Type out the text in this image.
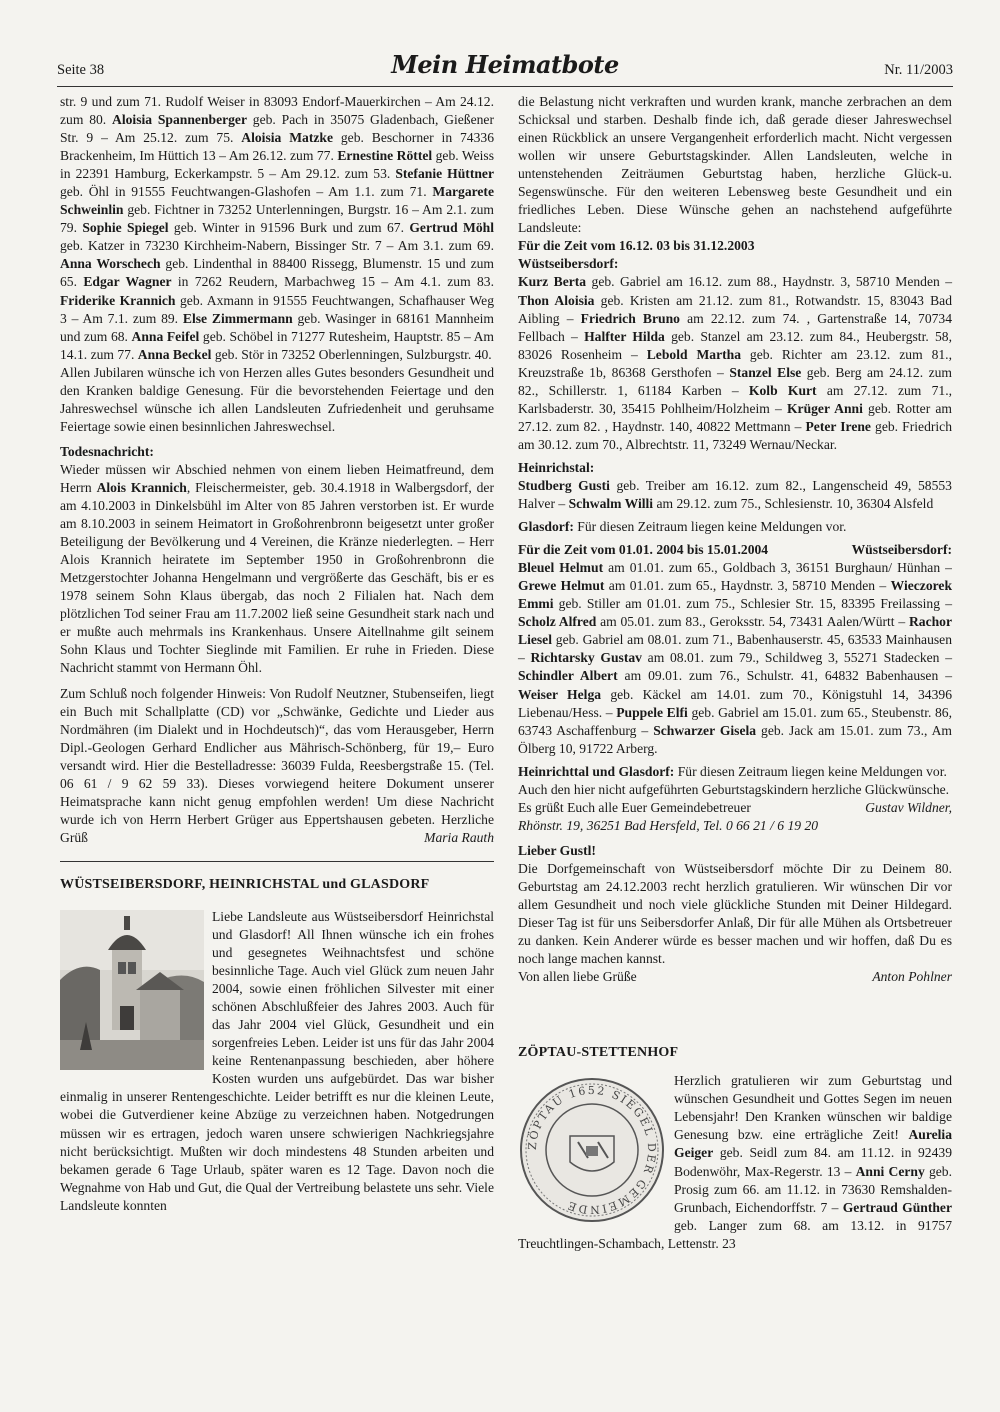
Seite 38	Mein Heimatbote	Nr. 11/2003

str. 9 und zum 71. Rudolf Weiser in 83093 Endorf-Mauerkirchen – Am 24.12. zum 80. Aloisia Spannenberger geb. Pach in 35075 Gladenbach, Gießener Str. 9 – Am 25.12. zum 75. Aloisia Matzke geb. Beschorner in 74336 Brackenheim, Im Hüttich 13 – Am 26.12. zum 77. Ernestine Röttel geb. Weiss in 22391 Hamburg, Eckerkampstr. 5 – Am 29.12. zum 53. Stefanie Hüttner geb. Öhl in 91555 Feuchtwangen-Glashofen – Am 1.1. zum 71. Margarete Schweinlin geb. Fichtner in 73252 Unterlenningen, Burgstr. 16 – Am 2.1. zum 79. Sophie Spiegel geb. Winter in 91596 Burk und zum 67. Gertrud Möhl geb. Katzer in 73230 Kirchheim-Nabern, Bissinger Str. 7 – Am 3.1. zum 69. Anna Worschech geb. Lindenthal in 88400 Rissegg, Blumenstr. 15 und zum 65. Edgar Wagner in 7262 Reudern, Marbachweg 15 – Am 4.1. zum 83. Friderike Krannich geb. Axmann in 91555 Feuchtwangen, Schafhauser Weg 3 – Am 7.1. zum 89. Else Zimmermann geb. Wasinger in 68161 Mannheim und zum 68. Anna Feifel geb. Schöbel in 71277 Rutesheim, Hauptstr. 85 – Am 14.1. zum 77. Anna Beckel geb. Stör in 73252 Oberlenningen, Sulzburgstr. 40.

Allen Jubilaren wünsche ich von Herzen alles Gutes besonders Gesundheit und den Kranken baldige Genesung. Für die bevorstehenden Feiertage und den Jahreswechsel wünsche ich allen Landsleuten Zufriedenheit und geruhsame Feiertage sowie einen besinnlichen Jahreswechsel.

Todesnachricht:

Wieder müssen wir Abschied nehmen von einem lieben Heimatfreund, dem Herrn Alois Krannich, Fleischermeister, geb. 30.4.1918 in Walbergsdorf, der am 4.10.2003 in Dinkelsbühl im Alter von 85 Jahren verstorben ist. Er wurde am 8.10.2003 in seinem Heimatort in Großohrenbronn beigesetzt unter großer Beteiligung der Bevölkerung und 4 Vereinen, die Kränze niederlegten. – Herr Alois Krannich heiratete im September 1950 in Großohrenbronn die Metzgerstochter Johanna Hengelmann und vergrößerte das Geschäft, bis er es 1978 seinem Sohn Klaus übergab, das noch 2 Filialen hat. Nach dem plötzlichen Tod seiner Frau am 11.7.2002 ließ seine Gesundheit stark nach und er mußte auch mehrmals ins Krankenhaus. Unsere Aitellnahme gilt seinem Sohn Klaus und Tochter Sieglinde mit Familien. Er ruhe in Frieden. Diese Nachricht stammt von Hermann Öhl.

Zum Schluß noch folgender Hinweis: Von Rudolf Neutzner, Stubenseifen, liegt ein Buch mit Schallplatte (CD) vor „Schwänke, Gedichte und Lieder aus Nordmähren (im Dialekt und in Hochdeutsch)“, das vom Herausgeber, Herrn Dipl.-Geologen Gerhard Endlicher aus Mährisch-Schönberg, für 19,– Euro versandt wird. Hier die Bestelladresse: 36039 Fulda, Reesbergstraße 15. (Tel. 06 61 / 9 62 59 33). Dieses vorwiegend heitere Dokument unserer Heimatsprache kann nicht genug empfohlen werden! Um diese Nachricht wurde ich von Herrn Herbert Grüger aus Eppertshausen gebeten. Herzliche Grüß	Maria Rauth

WÜSTSEIBERSDORF, HEINRICHSTAL und GLASDORF

Liebe Landsleute aus Wüstseibersdorf Heinrichstal und Glasdorf! All Ihnen wünsche ich ein frohes und gesegnetes Weihnachtsfest und schöne besinnliche Tage. Auch viel Glück zum neuen Jahr 2004, sowie einen fröhlichen Silvester mit einer schönen Abschlußfeier des Jahres 2003. Auch für das Jahr 2004 viel Glück, Gesundheit und ein sorgenfreies Leben. Leider ist uns für das Jahr 2004 keine Rentenanpassung beschieden, aber höhere Kosten wurden uns aufgebürdet. Das war bisher einmalig in unserer Rentengeschichte. Leider betrifft es nur die kleinen Leute, wobei die Gutverdiener keine Abzüge zu verzeichnen haben. Notgedrungen müssen wir es ertragen, jedoch waren unsere schwierigen Nachkriegsjahre nicht berücksichtigt. Mußten wir doch mindestens 48 Stunden arbeiten und bekamen gerade 6 Tage Urlaub, später waren es 12 Tage. Davon noch die Wegnahme von Hab und Gut, die Qual der Vertreibung belastete uns sehr. Viele Landsleute konnten

die Belastung nicht verkraften und wurden krank, manche zerbrachen an dem Schicksal und starben. Deshalb finde ich, daß gerade dieser Jahreswechsel einen Rückblick an unsere Vergangenheit erforderlich macht. Nicht vergessen wollen wir unsere Geburtstagskinder. Allen Landsleuten, welche in untenstehenden Zeiträumen Geburtstag haben, herzliche Glück-u. Segenswünsche. Für den weiteren Lebensweg beste Gesundheit und ein friedliches Leben. Diese Wünsche gehen an nachstehend aufgeführte Landsleute:

Für die Zeit vom 16.12. 03 bis 31.12.2003

Wüstseibersdorf:

Kurz Berta geb. Gabriel am 16.12. zum 88., Haydnstr. 3, 58710 Menden – Thon Aloisia geb. Kristen am 21.12. zum 81., Rotwandstr. 15, 83043 Bad Aibling – Friedrich Bruno am 22.12. zum 74. , Gartenstraße 14, 70734 Fellbach – Halfter Hilda geb. Stanzel am 23.12. zum 84., Heubergstr. 58, 83026 Rosenheim – Lebold Martha geb. Richter am 23.12. zum 81., Kreuzstraße 1b, 86368 Gersthofen – Stanzel Else geb. Berg am 24.12. zum 82., Schillerstr. 1, 61184 Karben – Kolb Kurt am 27.12. zum 71., Karlsbaderstr. 30, 35415 Pohlheim/Holzheim – Krüger Anni geb. Rotter am 27.12. zum 82. , Haydnstr. 140, 40822 Mettmann – Peter Irene geb. Friedrich am 30.12. zum 70., Albrechtstr. 11, 73249 Wernau/Neckar.

Heinrichstal:

Studberg Gusti geb. Treiber am 16.12. zum 82., Langenscheid 49, 58553 Halver – Schwalm Willi am 29.12. zum 75., Schlesienstr. 10, 36304 Alsfeld

Glasdorf: Für diesen Zeitraum liegen keine Meldungen vor.

Für die Zeit vom 01.01. 2004 bis 15.01.2004	Wüstseibersdorf:

Bleuel Helmut am 01.01. zum 65., Goldbach 3, 36151 Burghaun/ Hünhan – Grewe Helmut am 01.01. zum 65., Haydnstr. 3, 58710 Menden – Wieczorek Emmi geb. Stiller am 01.01. zum 75., Schlesier Str. 15, 83395 Freilassing – Scholz Alfred am 05.01. zum 83., Geroksstr. 54, 73431 Aalen/Württ – Rachor Liesel geb. Gabriel am 08.01. zum 71., Babenhauserstr. 45, 63533 Mainhausen – Richtarsky Gustav am 08.01. zum 79., Schildweg 3, 55271 Stadecken – Schindler Albert am 09.01. zum 76., Schulstr. 41, 64832 Babenhausen – Weiser Helga geb. Käckel am 14.01. zum 70., Königstuhl 14, 34396 Liebenau/Hess. – Puppele Elfi geb. Gabriel am 15.01. zum 65., Steubenstr. 86, 63743 Aschaffenburg – Schwarzer Gisela geb. Jack am 15.01. zum 73., Am Ölberg 10, 91722 Arberg.

Heinrichttal und Glasdorf: Für diesen Zeitraum liegen keine Meldungen vor.

Auch den hier nicht aufgeführten Geburtstagskindern herzliche Glückwünsche.

Es grüßt Euch alle Euer Gemeindebetreuer	Gustav Wildner,

Rhönstr. 19, 36251 Bad Hersfeld, Tel. 0 66 21 / 6 19 20

Lieber Gustl!

Die Dorfgemeinschaft von Wüstseibersdorf möchte Dir zu Deinem 80. Geburtstag am 24.12.2003 recht herzlich gratulieren. Wir wünschen Dir vor allem Gesundheit und noch viele glückliche Stunden mit Deiner Hildegard. Dieser Tag ist für uns Seibersdorfer Anlaß, Dir für alle Mühen als Ortsbetreuer zu danken. Kein Anderer würde es besser machen und wir hoffen, daß Du es noch lange machen kannst.

Von allen liebe Grüße	Anton Pohlner

ZÖPTAU-STETTENHOF

ZÖPTAU 1652 SIEGEL DER GEMEINDE

Herzlich gratulieren wir zum Geburtstag und wünschen Gesundheit und Gottes Segen im neuen Lebensjahr! Den Kranken wünschen wir baldige Genesung bzw. eine erträgliche Zeit! Aurelia Geiger geb. Seidl zum 84. am 11.12. in 92439 Bodenwöhr, Max-Regerstr. 13 – Anni Cerny geb. Prosig zum 66. am 11.12. in 73630 Remshalden-Grunbach, Eichendorffstr. 7 – Gertraud Günther geb. Langer zum 68. am 13.12. in 91757 Treuchtlingen-Schambach, Lettenstr. 23
